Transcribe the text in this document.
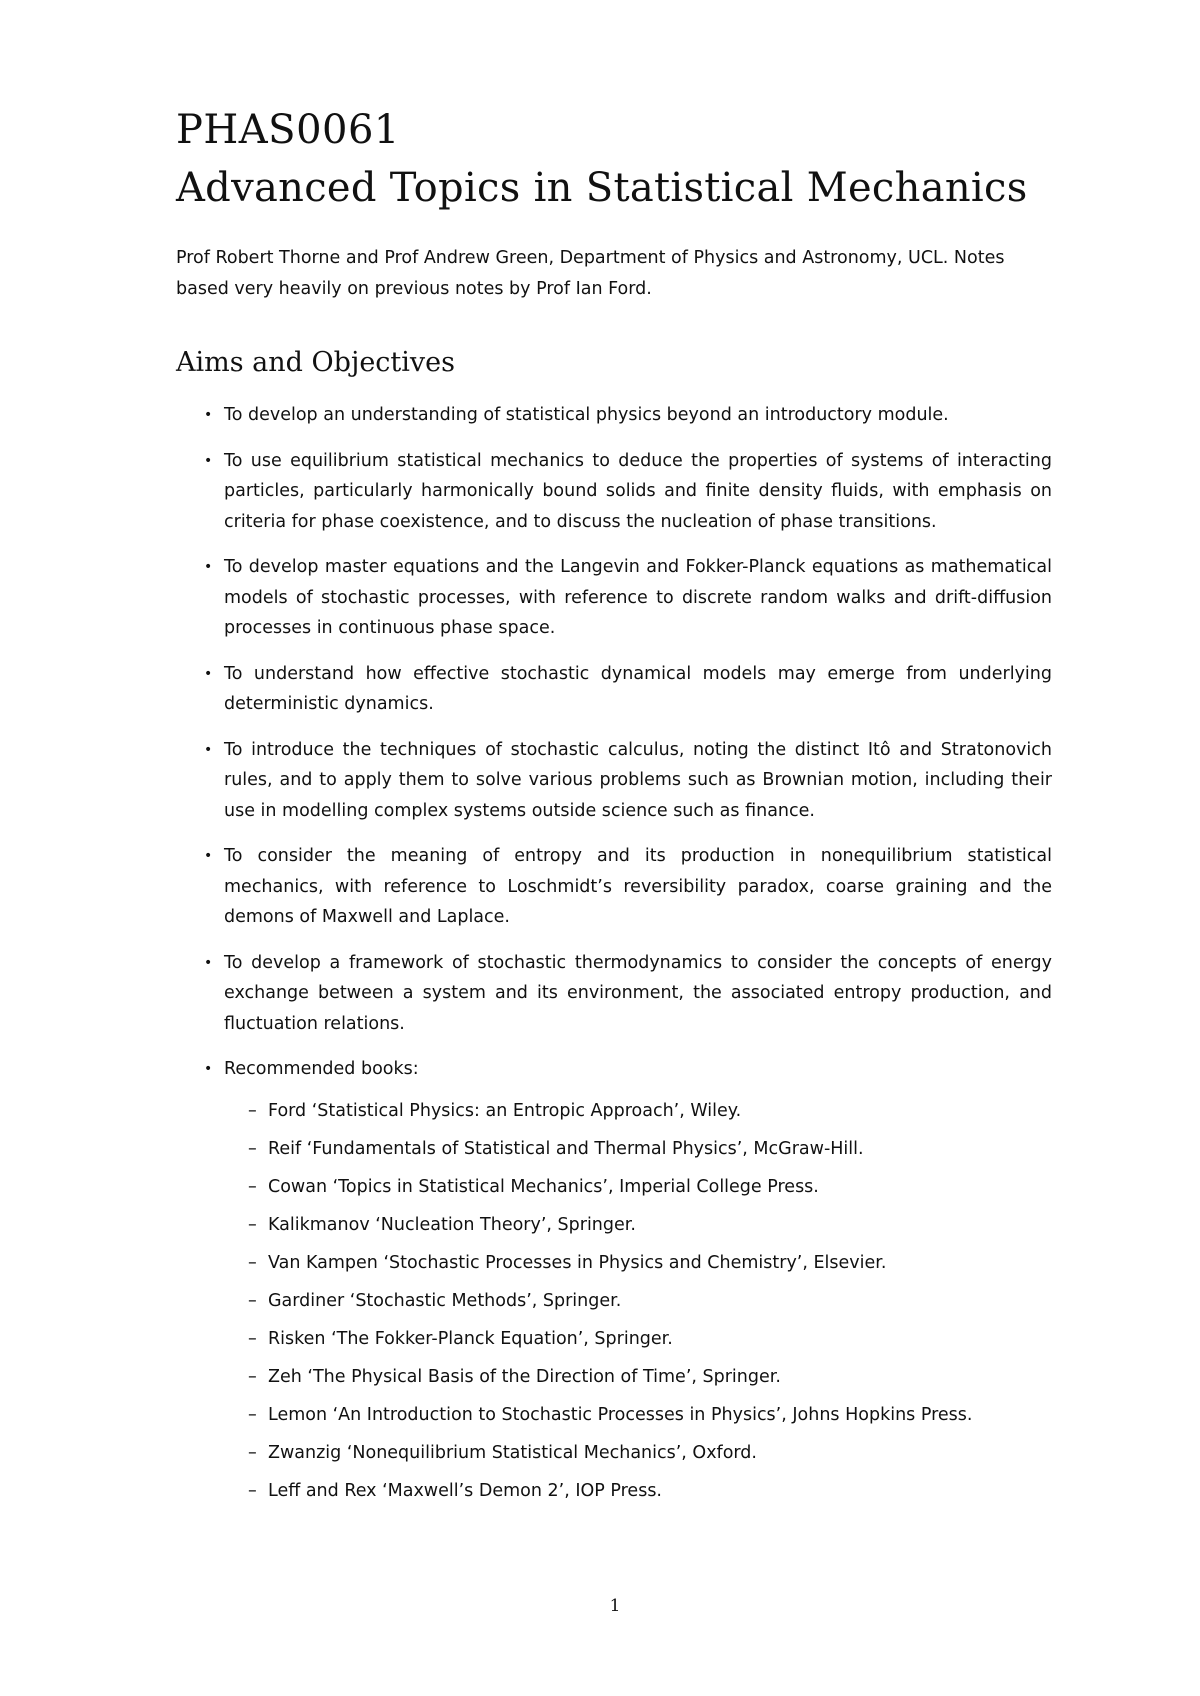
PHAS0061
Advanced Topics in Statistical Mechanics

Prof Robert Thorne and Prof Andrew Green, Department of Physics and Astronomy, UCL. Notes based very heavily on previous notes by Prof Ian Ford.

Aims and Objectives
• To develop an understanding of statistical physics beyond an introductory module.
• To use equilibrium statistical mechanics to deduce the properties of systems of interacting particles, particularly harmonically bound solids and finite density fluids, with emphasis on criteria for phase coexistence, and to discuss the nucleation of phase transitions.
• To develop master equations and the Langevin and Fokker-Planck equations as mathematical models of stochastic processes, with reference to discrete random walks and drift-diffusion processes in continuous phase space.
• To understand how effective stochastic dynamical models may emerge from underlying deterministic dynamics.
• To introduce the techniques of stochastic calculus, noting the distinct Itô and Stratonovich rules, and to apply them to solve various problems such as Brownian motion, including their use in modelling complex systems outside science such as finance.
• To consider the meaning of entropy and its production in nonequilibrium statistical mechanics, with reference to Loschmidt’s reversibility paradox, coarse graining and the demons of Maxwell and Laplace.
• To develop a framework of stochastic thermodynamics to consider the concepts of energy exchange between a system and its environment, the associated entropy production, and fluctuation relations.
• Recommended books:
– Ford ‘Statistical Physics: an Entropic Approach’, Wiley.
– Reif ‘Fundamentals of Statistical and Thermal Physics’, McGraw-Hill.
– Cowan ‘Topics in Statistical Mechanics’, Imperial College Press.
– Kalikmanov ‘Nucleation Theory’, Springer.
– Van Kampen ‘Stochastic Processes in Physics and Chemistry’, Elsevier.
– Gardiner ‘Stochastic Methods’, Springer.
– Risken ‘The Fokker-Planck Equation’, Springer.
– Zeh ‘The Physical Basis of the Direction of Time’, Springer.
– Lemon ‘An Introduction to Stochastic Processes in Physics’, Johns Hopkins Press.
– Zwanzig ‘Nonequilibrium Statistical Mechanics’, Oxford.
– Leff and Rex ‘Maxwell’s Demon 2’, IOP Press.
1
